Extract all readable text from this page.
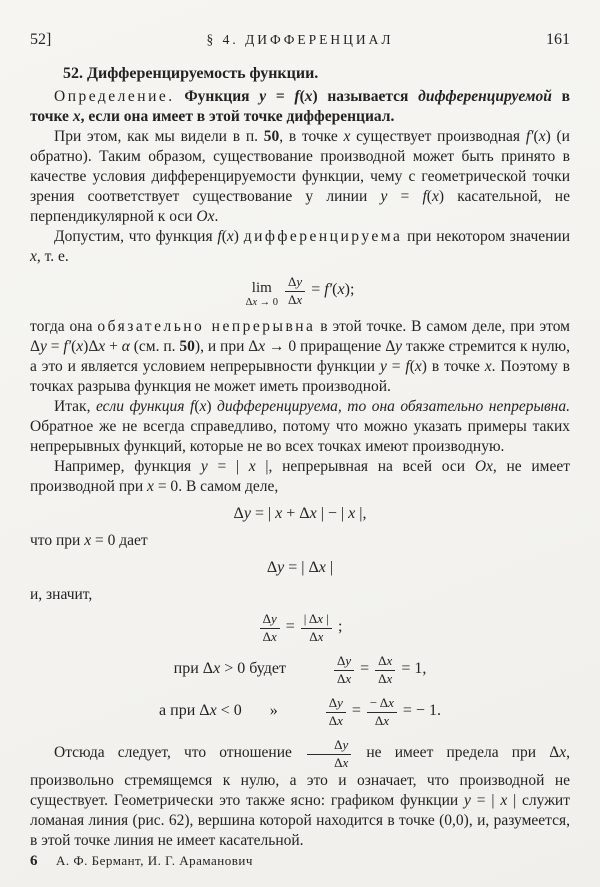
52]	§ 4. ДИФФЕРЕНЦИАЛ	161
52. Дифференцируемость функции.
Определение. Функция y = f(x) называется дифференцируемой в точке x, если она имеет в этой точке дифференциал.
При этом, как мы видели в п. 50, в точке x существует производная f′(x) (и обратно). Таким образом, существование производной может быть принято в качестве условия дифференцируемости функции, чему с геометрической точки зрения соответствует существование у линии y = f(x) касательной, не перпендикулярной к оси Ox.
Допустим, что функция f(x) дифференцируема при некотором значении x, т. е.
lim
$\Delta x \to 0 \frac{\Delta y}{\Delta x} = f'(x)$;
тогда она обязательно непрерывна в этой точке. В самом деле, при этом Δy = f′(x)Δx + α (см. п. 50), и при Δx → 0 приращение Δy также стремится к нулю, а это и является условием непрерывности функции y = f(x) в точке x. Поэтому в точках разрыва функция не может иметь производной.
Итак, если функция f(x) дифференцируема, то она обязательно непрерывна. Обратное же не всегда справедливо, потому что можно указать примеры таких непрерывных функций, которые не во всех точках имеют производную.
Например, функция y = | x |, непрерывная на всей оси Ox, не имеет производной при x = 0. В самом деле,
Δy = | x + Δx | − | x |,
что при x = 0 дает
Δy = | Δx |
и, значит,
$\frac{\Delta y}{\Delta x} = \frac{| \Delta x |}{\Delta x}$ ;
при Δx > 0 будет	$\frac{\Delta y}{\Delta x} = \frac{\Delta x}{\Delta x} = 1$,
а при Δx < 0 »	$\frac{\Delta y}{\Delta x} = \frac{- \Delta x}{\Delta x}$ = − 1.
Отсюда следует, что отношение $\frac{\Delta y}{\Delta x}$ не имеет предела при Δx, произвольно стремящемся к нулю, а это и означает, что производной не существует. Геометрически это также ясно: графиком функции y = | x | служит ломаная линия (рис. 62), вершина которой находится в точке (0,0), и, разумеется, в этой точке линия не имеет касательной.
6	А. Ф. Бермант, И. Г. Араманович
